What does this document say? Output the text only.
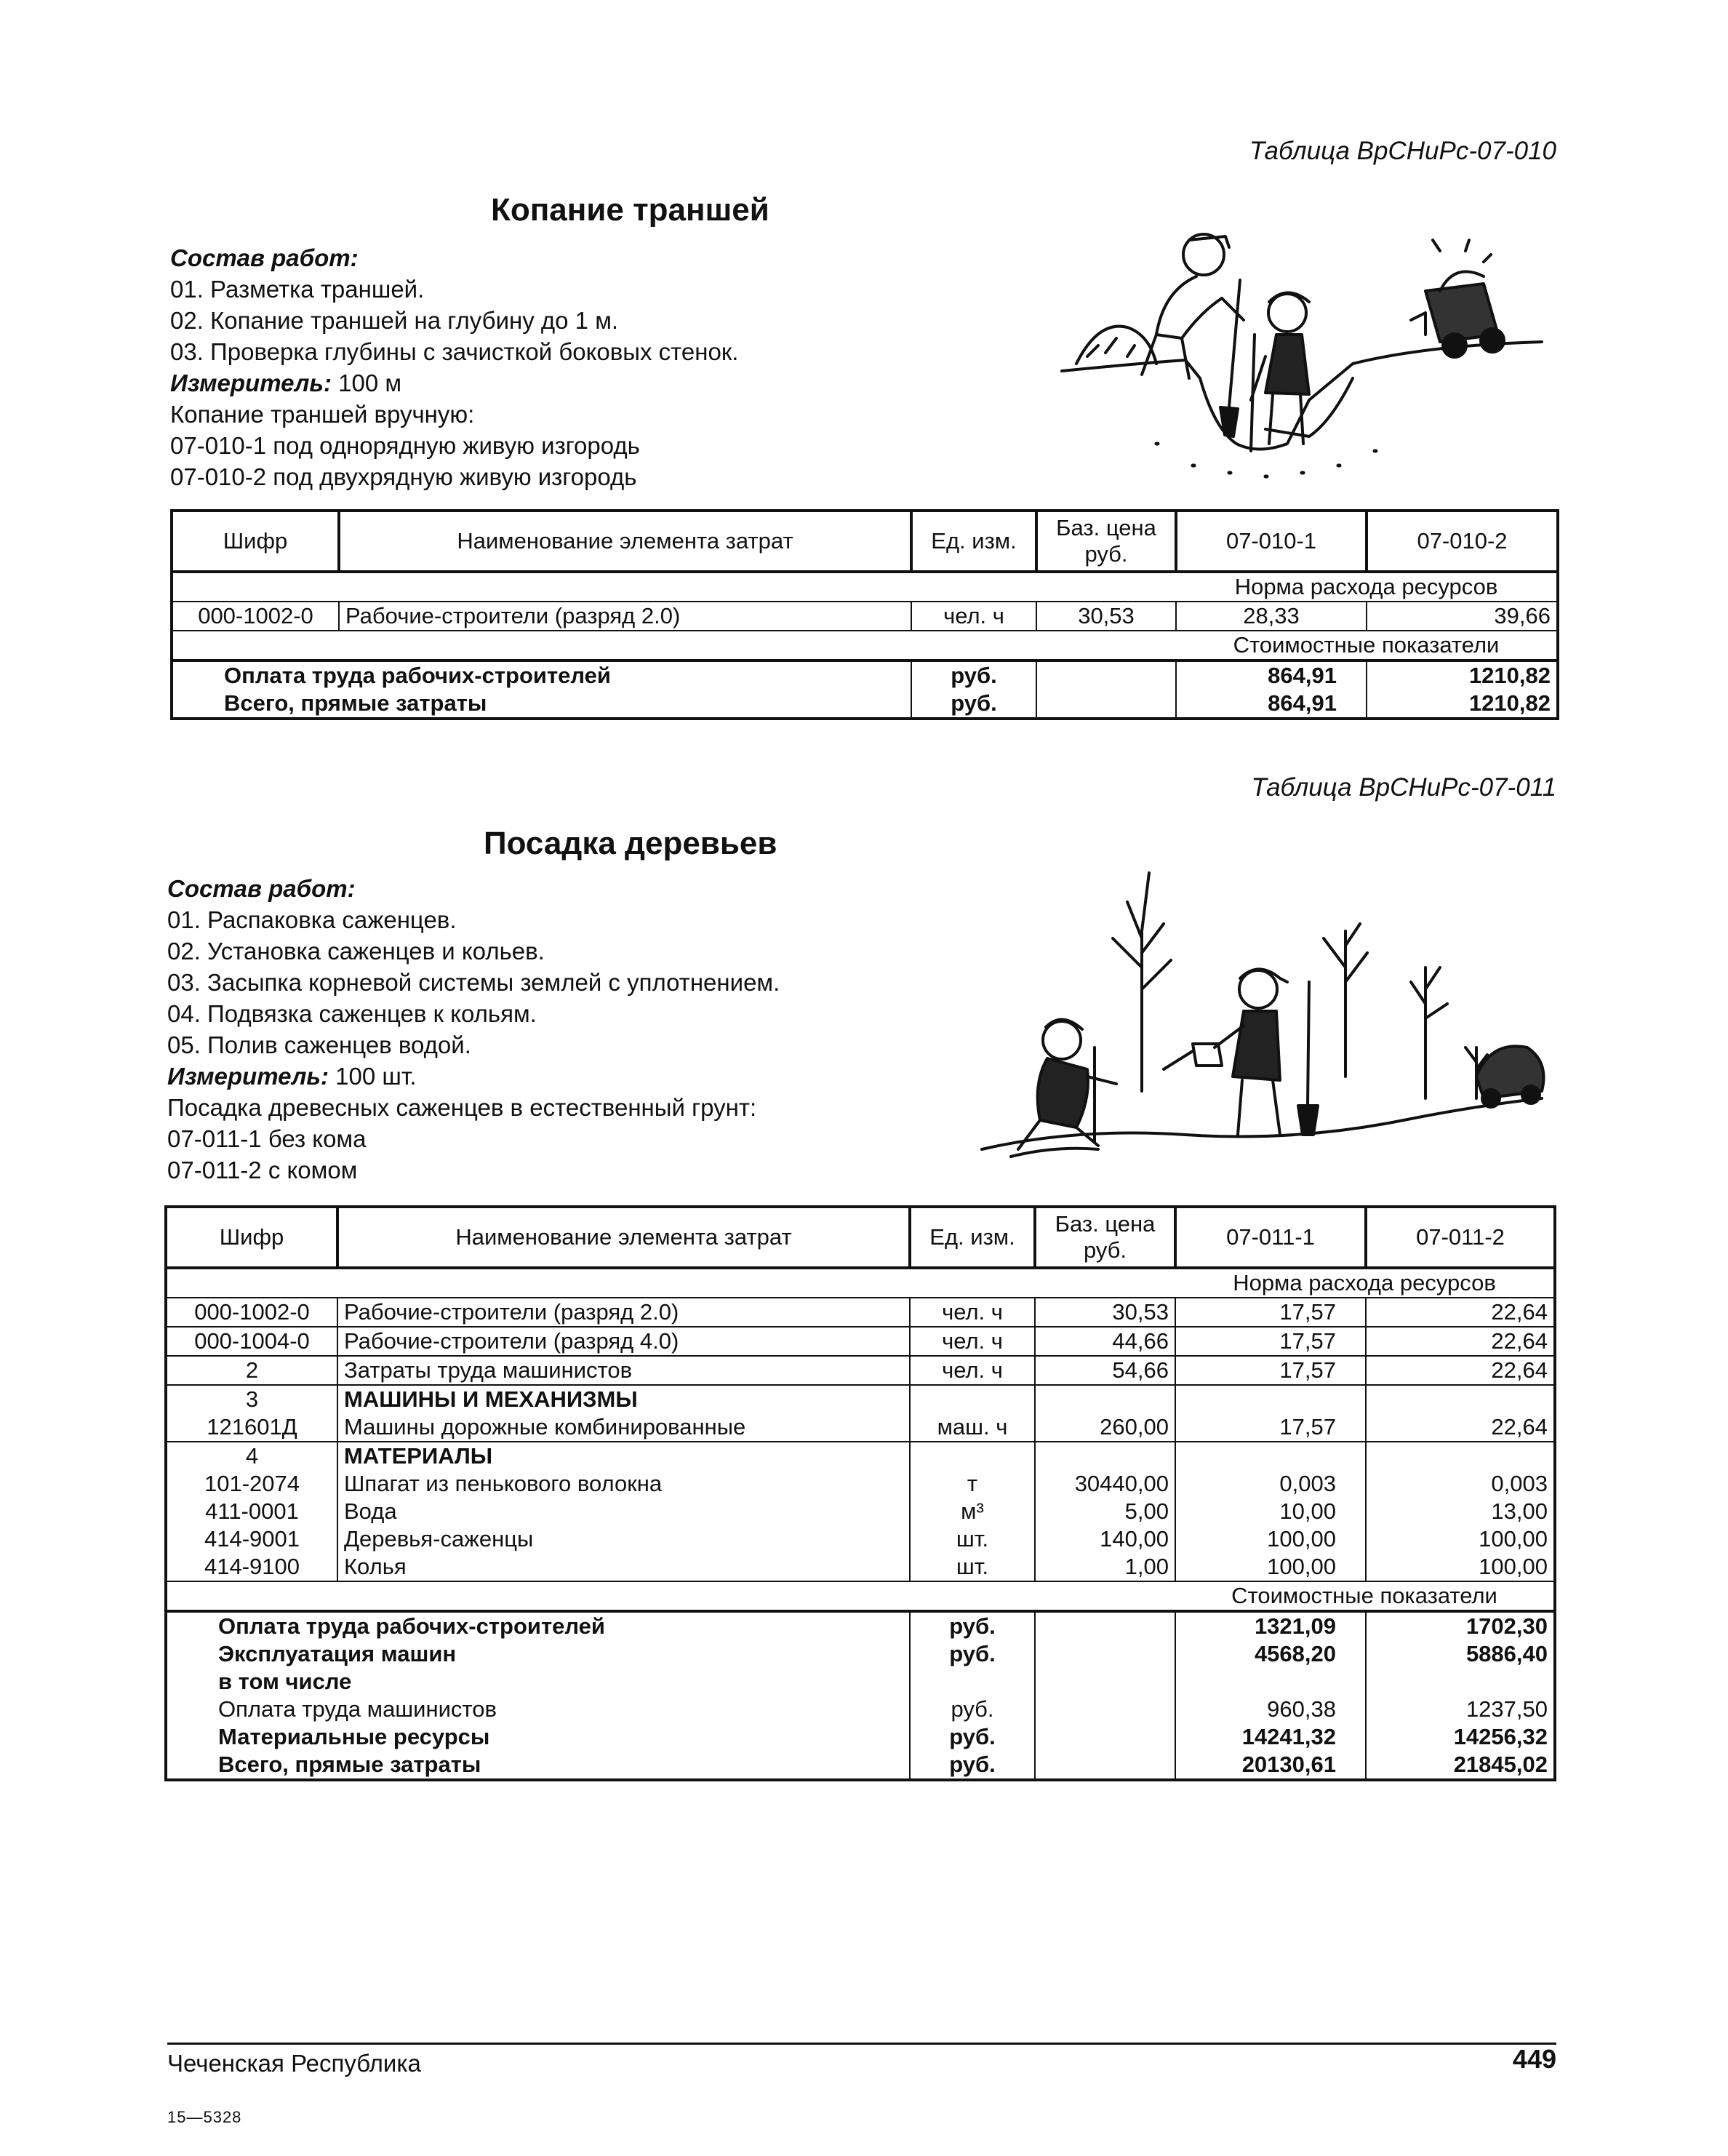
Таблица ВрСНиРс-07-010
Копание траншей
Состав работ:
01. Разметка траншей.
02. Копание траншей на глубину до 1 м.
03. Проверка глубины с зачисткой боковых стенок.
Измеритель: 100 м
Копание траншей вручную:
07-010-1 под однорядную живую изгородь
07-010-2 под двухрядную живую изгородь
Шифр	Наименование элемента затрат	Ед. изм.	Баз. цена руб.	07-010-1	07-010-2
				Норма расхода ресурсов	
000-1002-0	Рабочие-строители (разряд 2.0)	чел. ч	30,53	28,33	39,66
				Стоимостные показатели	
Оплата труда рабочих-строителей		руб.		864,91	1210,82
Всего, прямые затраты		руб.		864,91	1210,82
Таблица ВрСНиРс-07-011
Посадка деревьев
Состав работ:
01. Распаковка саженцев.
02. Установка саженцев и кольев.
03. Засыпка корневой системы землей с уплотнением.
04. Подвязка саженцев к кольям.
05. Полив саженцев водой.
Измеритель: 100 шт.
Посадка древесных саженцев в естественный грунт:
07-011-1 без кома
07-011-2 с комом
Шифр	Наименование элемента затрат	Ед. изм.	Баз. цена руб.	07-011-1	07-011-2
				Норма расхода ресурсов	
000-1002-0	Рабочие-строители (разряд 2.0)	чел. ч	30,53	17,57	22,64
000-1004-0	Рабочие-строители (разряд 4.0)	чел. ч	44,66	17,57	22,64
2	Затраты труда машинистов	чел. ч	54,66	17,57	22,64
3	МАШИНЫ И МЕХАНИЗМЫ				
121601Д	Машины дорожные комбинированные	маш. ч	260,00	17,57	22,64
4	МАТЕРИАЛЫ				
101-2074	Шпагат из пенькового волокна	т	30440,00	0,003	0,003
411-0001	Вода	м³	5,00	10,00	13,00
414-9001	Деревья-саженцы	шт.	140,00	100,00	100,00
414-9100	Колья	шт.	1,00	100,00	100,00
				Стоимостные показатели	
Оплата труда рабочих-строителей		руб.		1321,09	1702,30
Эксплуатация машин		руб.		4568,20	5886,40
в том числе					
Оплата труда машинистов		руб.		960,38	1237,50
Материальные ресурсы		руб.		14241,32	14256,32
Всего, прямые затраты		руб.		20130,61	21845,02
Чеченская Республика	449
15—5328
